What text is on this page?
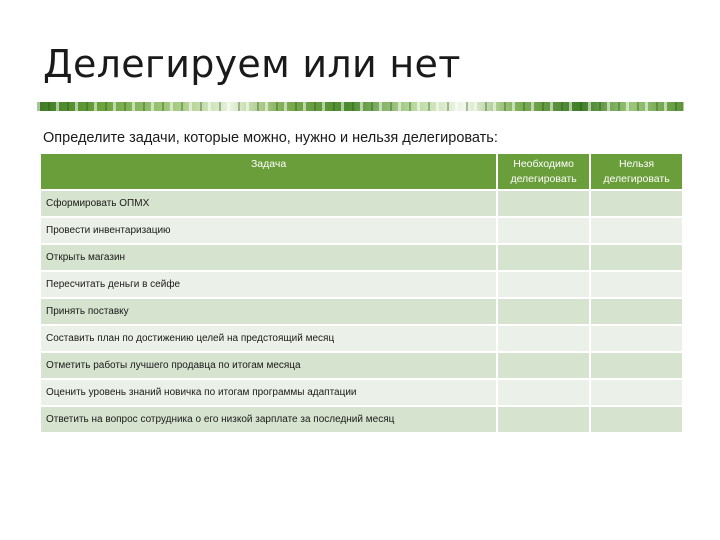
Делегируем или нет
Определите задачи, которые можно, нужно и нельзя делегировать:
Задача	Необходимо делегировать	Нельзя делегировать
Сформировать ОПМХ		
Провести инвентаризацию		
Открыть магазин		
Пересчитать деньги в сейфе		
Принять поставку		
Составить план по достижению целей на предстоящий месяц		
Отметить работы лучшего продавца по итогам месяца		
Оценить уровень знаний новичка по итогам программы адаптации		
Ответить на вопрос сотрудника о его низкой зарплате за последний месяц		
